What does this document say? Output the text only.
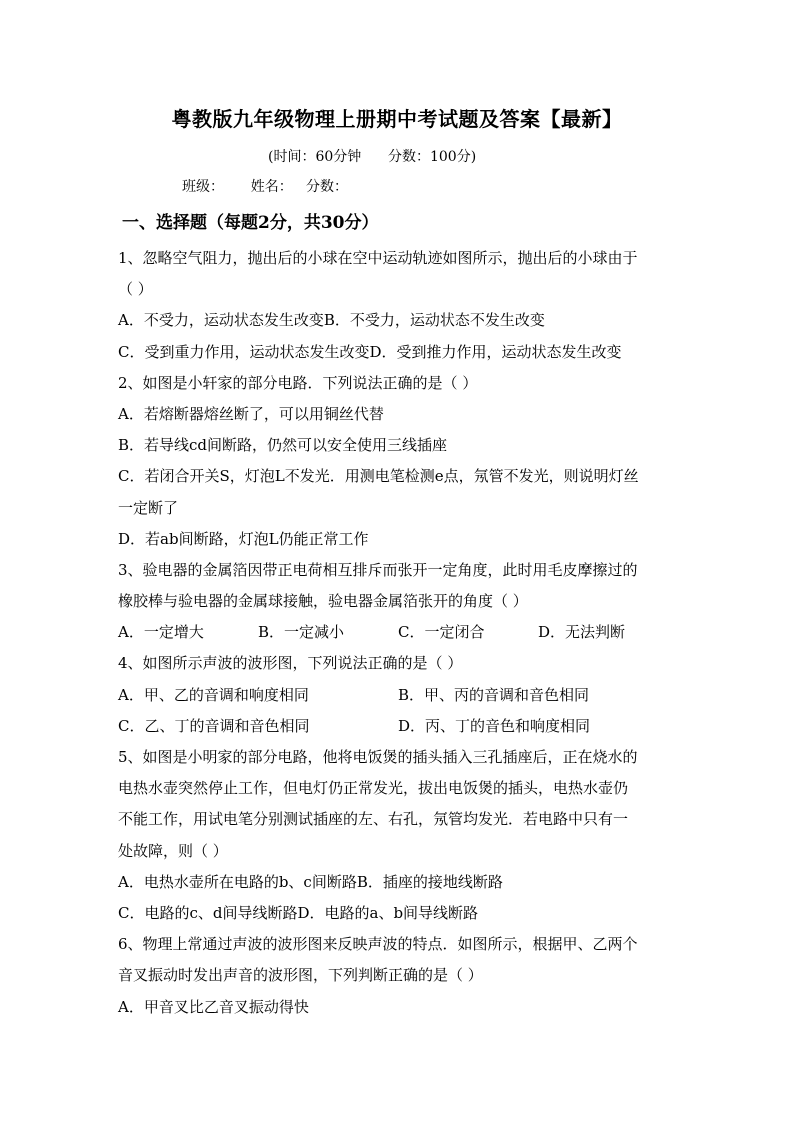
粤教版九年级物理上册期中考试题及答案【最新】
(时间：60分钟      分数：100分)
班级：      姓名：   分数：
一、选择题（每题2分，共30分）
1、忽略空气阻力，抛出后的小球在空中运动轨迹如图所示，抛出后的小球由于
（ ）
A．不受力，运动状态发生改变B．不受力，运动状态不发生改变
C．受到重力作用，运动状态发生改变D．受到推力作用，运动状态发生改变
2、如图是小轩家的部分电路．下列说法正确的是（ ）
A．若熔断器熔丝断了，可以用铜丝代替
B．若导线cd间断路，仍然可以安全使用三线插座
C．若闭合开关S，灯泡L不发光．用测电笔检测e点，氖管不发光，则说明灯丝
一定断了
D．若ab间断路，灯泡L仍能正常工作
3、验电器的金属箔因带正电荷相互排斥而张开一定角度，此时用毛皮摩擦过的
橡胶棒与验电器的金属球接触，验电器金属箔张开的角度（ ）
A．一定增大	B．一定减小	C．一定闭合	D．无法判断
4、如图所示声波的波形图，下列说法正确的是（ ）
A．甲、乙的音调和响度相同	B．甲、丙的音调和音色相同
C．乙、丁的音调和音色相同	D．丙、丁的音色和响度相同
5、如图是小明家的部分电路，他将电饭煲的插头插入三孔插座后，正在烧水的
电热水壶突然停止工作，但电灯仍正常发光，拔出电饭煲的插头，电热水壶仍
不能工作，用试电笔分别测试插座的左、右孔，氖管均发光．若电路中只有一
处故障，则（ ）
A．电热水壶所在电路的b、c间断路B．插座的接地线断路
C．电路的c、d间导线断路D．电路的a、b间导线断路
6、物理上常通过声波的波形图来反映声波的特点．如图所示，根据甲、乙两个
音叉振动时发出声音的波形图，下列判断正确的是（ ）
A．甲音叉比乙音叉振动得快
